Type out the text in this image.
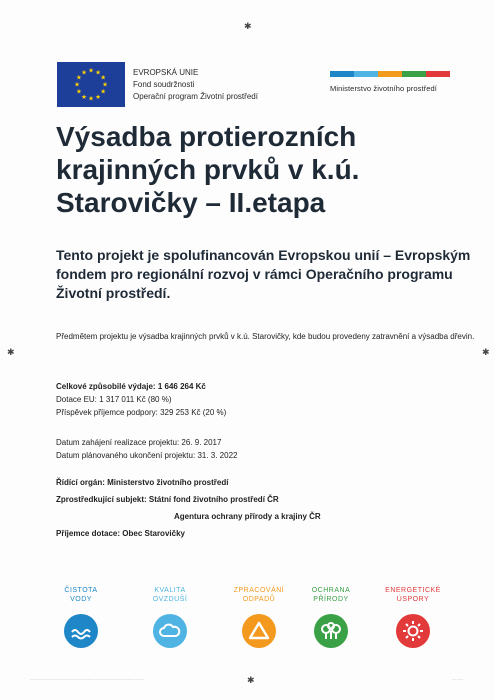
✱
✱	✱
✱
★ ★
★
★
★
★
★
★
★
★
★
★	EVROPSKÁ UNIE
Fond soudržnosti
Operační program Životní prostředí
Ministerstvo životního prostředí
Výsadba protierozních krajinných prvků v k.ú. Starovičky – II.etapa

Tento projekt je spolufinancován Evropskou unií – Evropským fondem pro regionální rozvoj v rámci Operačního programu Životní prostředí.

Předmětem projektu je výsadba krajinných prvků v k.ú. Starovičky, kde budou provedeny zatravnění a výsadba dřevin.
Celkové způsobilé výdaje: 1 646 264 Kč
Dotace EU: 1 317 011 Kč (80 %)
Příspěvek příjemce podpory: 329 253 Kč (20 %)
Datum zahájení realizace projektu: 26. 9. 2017
Datum plánovaného ukončení projektu: 31. 3. 2022
Řídící orgán: Ministerstvo životního prostředí
Zprostředkující subjekt: Státní fond životního prostředí ČR
Agentura ochrany přírody a krajiny ČR
Příjemce dotace: Obec Starovičky
ČISTOTA
VODY
KVALITA
OVZDUŠÍ
ZPRACOVÁNÍ
ODPADŮ
OCHRANA
PŘÍRODY
ENERGETICKÉ
ÚSPORY
.......................................................................................................	..........
